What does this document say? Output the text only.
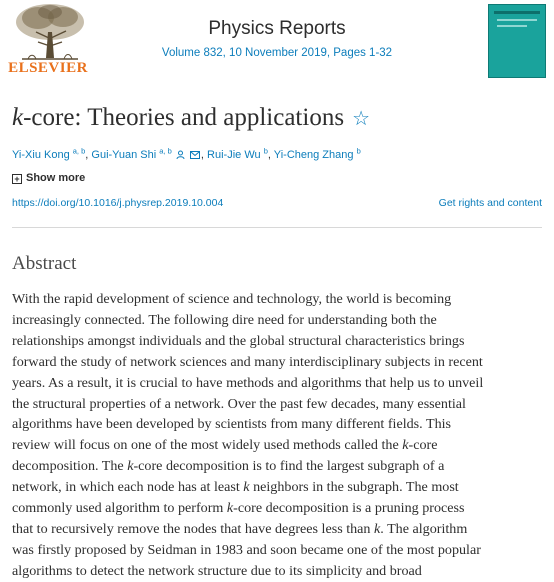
ELSEVIER
Physics Reports
Volume 832, 10 November 2019, Pages 1-32
k-core: Theories and applications ☆
Yi-Xiu Kong $^{a, b}$, Gui-Yuan Shi $^{a, b}$	, Rui-Jie Wu $^b$, Yi-Cheng Zhang $^b$
+ Show more
https://doi.org/10.1016/j.physrep.2019.10.004	Get rights and content
Abstract
With the rapid development of science and technology, the world is becoming
increasingly connected. The following dire need for understanding both the
relationships amongst individuals and the global structural characteristics brings
forward the study of network sciences and many interdisciplinary subjects in recent
years. As a result, it is crucial to have methods and algorithms that help us to unveil
the structural properties of a network. Over the past few decades, many essential
algorithms have been developed by scientists from many different fields. This
review will focus on one of the most widely used methods called the k-core
decomposition. The k-core decomposition is to find the largest subgraph of a
network, in which each node has at least k neighbors in the subgraph. The most
commonly used algorithm to perform k-core decomposition is a pruning process
that to recursively remove the nodes that have degrees less than k. The algorithm
was firstly proposed by Seidman in 1983 and soon became one of the most popular
algorithms to detect the network structure due to its simplicity and broad
